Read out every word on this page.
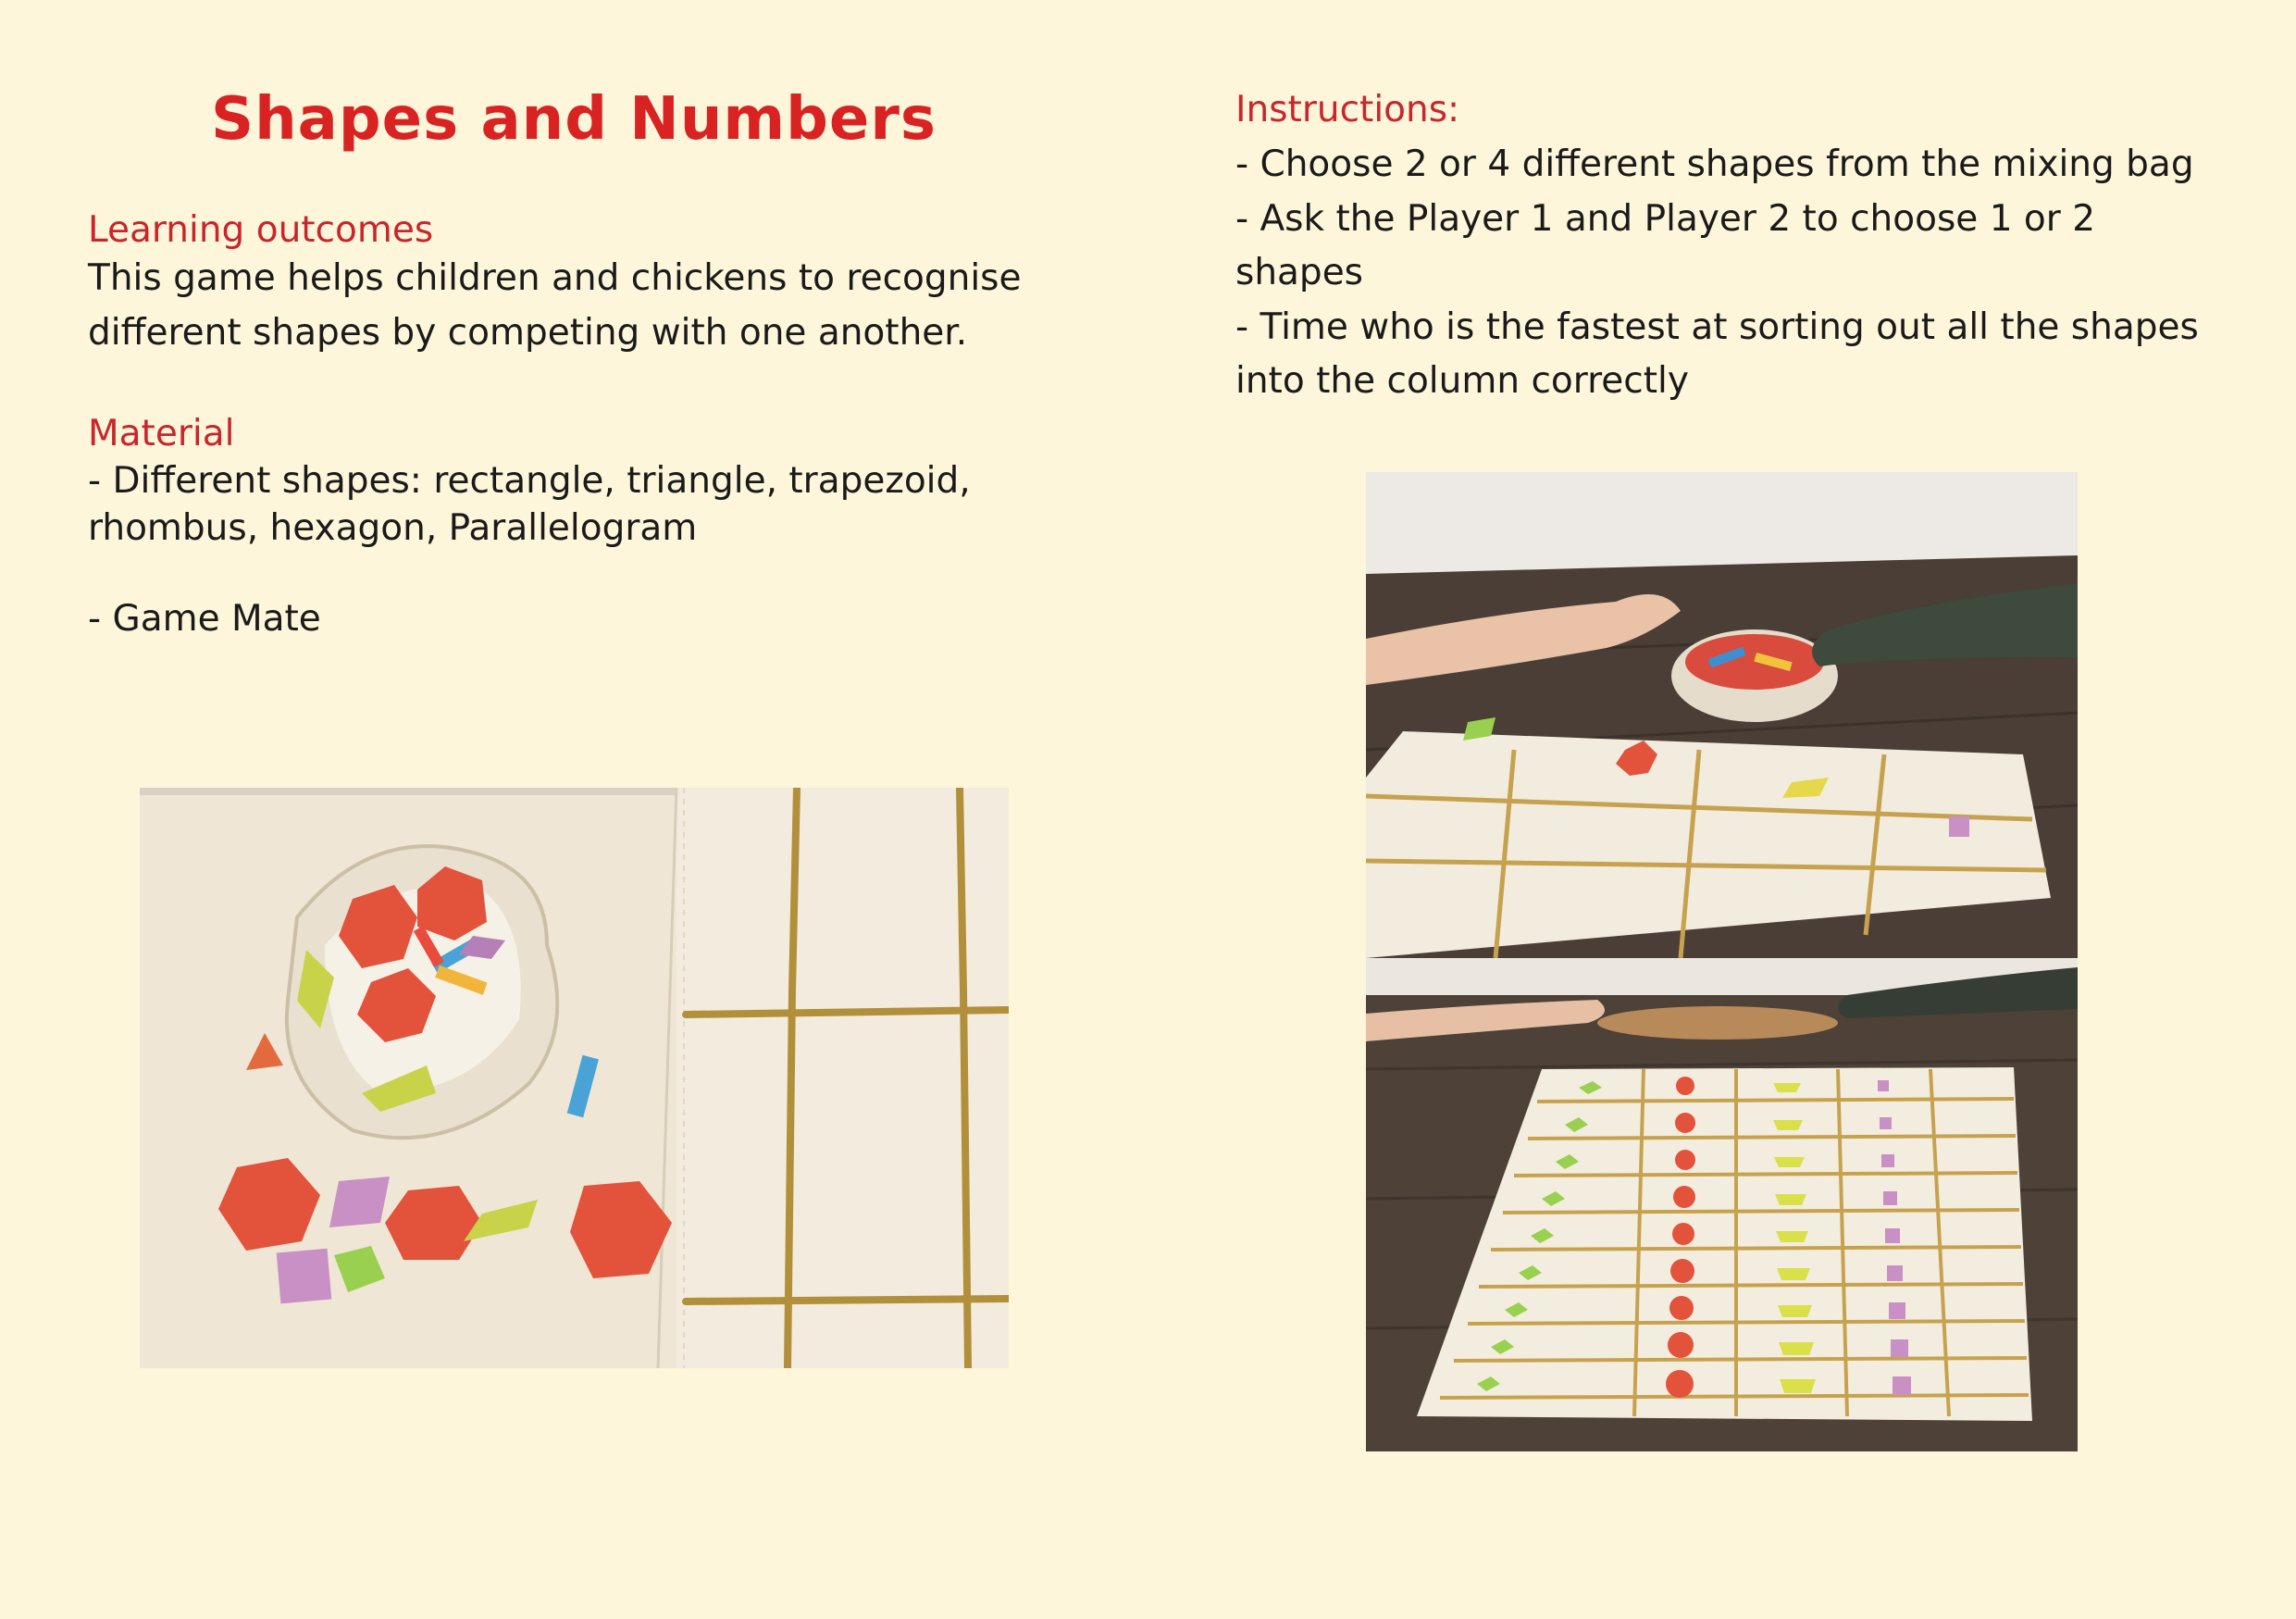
Shapes and Numbers

Learning outcomes

This game helps children and chickens to recognise

different shapes by competing with one another.

Material

- Different shapes: rectangle, triangle, trapezoid,

rhombus, hexagon, Parallelogram

- Game Mate

Instructions:

- Choose 2 or 4 different shapes from the mixing bag

- Ask the Player 1 and Player 2 to choose 1 or 2

shapes

- Time who is the fastest at sorting out all the shapes

into the column correctly
